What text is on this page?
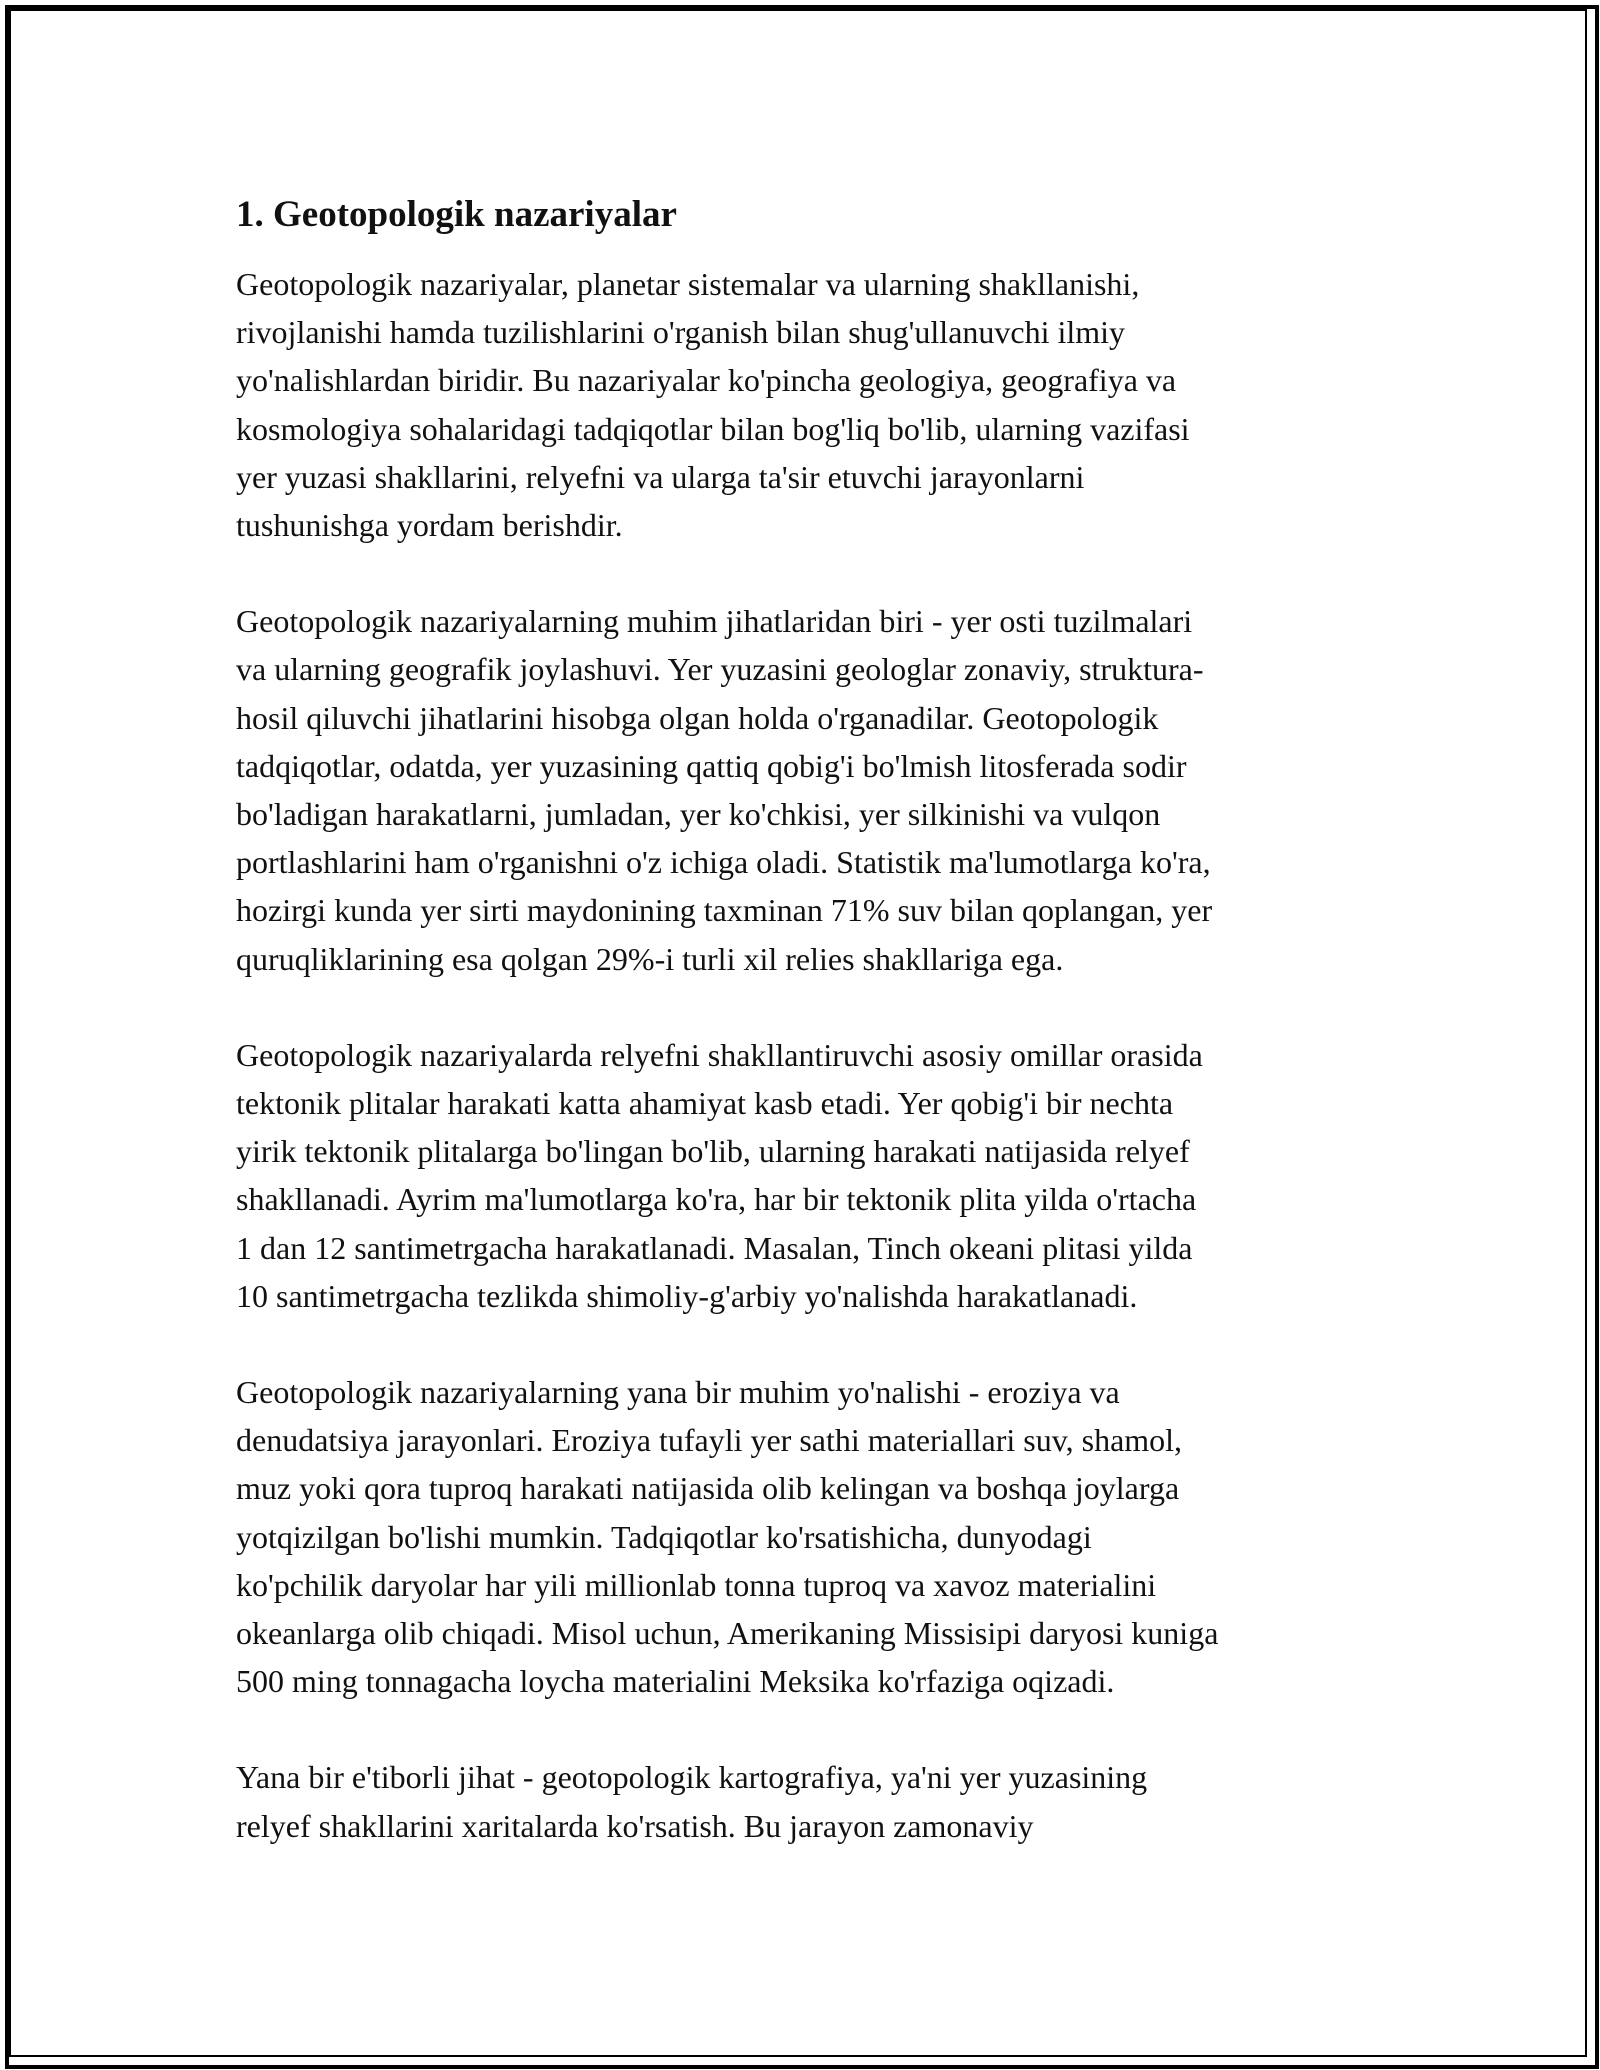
1. Geotopologik nazariyalar
Geotopologik nazariyalar, planetar sistemalar va ularning shakllanishi,
rivojlanishi hamda tuzilishlarini o'rganish bilan shug'ullanuvchi ilmiy
yo'nalishlardan biridir. Bu nazariyalar ko'pincha geologiya, geografiya va
kosmologiya sohalaridagi tadqiqotlar bilan bog'liq bo'lib, ularning vazifasi
yer yuzasi shakllarini, relyefni va ularga ta'sir etuvchi jarayonlarni
tushunishga yordam berishdir.
Geotopologik nazariyalarning muhim jihatlaridan biri - yer osti tuzilmalari
va ularning geografik joylashuvi. Yer yuzasini geologlar zonaviy, struktura-
hosil qiluvchi jihatlarini hisobga olgan holda o'rganadilar. Geotopologik
tadqiqotlar, odatda, yer yuzasining qattiq qobig'i bo'lmish litosferada sodir
bo'ladigan harakatlarni, jumladan, yer ko'chkisi, yer silkinishi va vulqon
portlashlarini ham o'rganishni o'z ichiga oladi. Statistik ma'lumotlarga ko'ra,
hozirgi kunda yer sirti maydonining taxminan 71% suv bilan qoplangan, yer
quruqliklarining esa qolgan 29%-i turli xil relies shakllariga ega.
Geotopologik nazariyalarda relyefni shakllantiruvchi asosiy omillar orasida
tektonik plitalar harakati katta ahamiyat kasb etadi. Yer qobig'i bir nechta
yirik tektonik plitalarga bo'lingan bo'lib, ularning harakati natijasida relyef
shakllanadi. Ayrim ma'lumotlarga ko'ra, har bir tektonik plita yilda o'rtacha
1 dan 12 santimetrgacha harakatlanadi. Masalan, Tinch okeani plitasi yilda
10 santimetrgacha tezlikda shimoliy-g'arbiy yo'nalishda harakatlanadi.
Geotopologik nazariyalarning yana bir muhim yo'nalishi - eroziya va
denudatsiya jarayonlari. Eroziya tufayli yer sathi materiallari suv, shamol,
muz yoki qora tuproq harakati natijasida olib kelingan va boshqa joylarga
yotqizilgan bo'lishi mumkin. Tadqiqotlar ko'rsatishicha, dunyodagi
ko'pchilik daryolar har yili millionlab tonna tuproq va xavoz materialini
okeanlarga olib chiqadi. Misol uchun, Amerikaning Missisipi daryosi kuniga
500 ming tonnagacha loycha materialini Meksika ko'rfaziga oqizadi.
Yana bir e'tiborli jihat - geotopologik kartografiya, ya'ni yer yuzasining
relyef shakllarini xaritalarda ko'rsatish. Bu jarayon zamonaviy
